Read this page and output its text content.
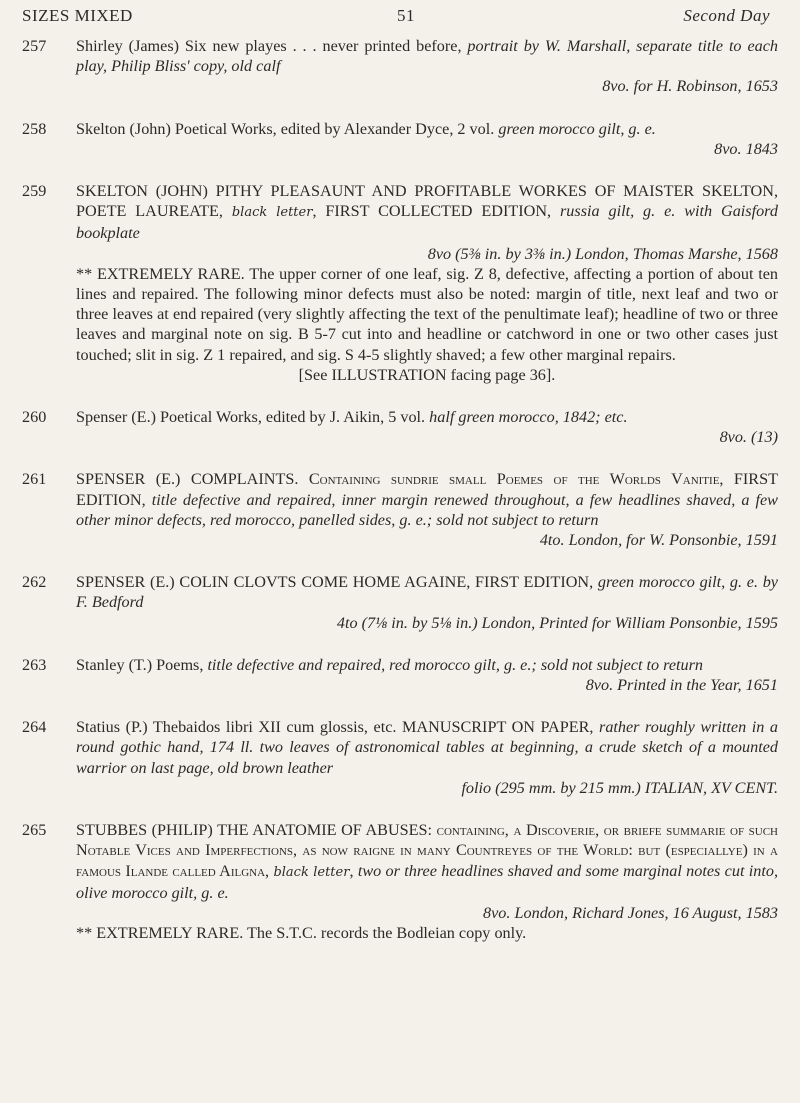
SIZES MIXED	51	Second Day
257	Shirley (James) Six new playes . . . never printed before, portrait by W. Marshall, separate title to each play, Philip Bliss' copy, old calf

8vo. for H. Robinson, 1653

258	Skelton (John) Poetical Works, edited by Alexander Dyce, 2 vol. green morocco gilt, g. e.

8vo. 1843

259	SKELTON (JOHN) PITHY PLEASAUNT AND PROFITABLE WORKES OF MAISTER SKELTON, POETE LAUREATE, black letter, FIRST COLLECTED EDITION, russia gilt, g. e. with Gaisford bookplate

8vo (5⅜ in. by 3⅜ in.) London, Thomas Marshe, 1568

** EXTREMELY RARE. The upper corner of one leaf, sig. Z 8, defective, affecting a portion of about ten lines and repaired. The following minor defects must also be noted: margin of title, next leaf and two or three leaves at end repaired (very slightly affecting the text of the penultimate leaf); headline of two or three leaves and marginal note on sig. B 5-7 cut into and headline or catchword in one or two other cases just touched; slit in sig. Z 1 repaired, and sig. S 4-5 slightly shaved; a few other marginal repairs.

[See ILLUSTRATION facing page 36].

260	Spenser (E.) Poetical Works, edited by J. Aikin, 5 vol. half green morocco, 1842; etc.

8vo. (13)

261	SPENSER (E.) COMPLAINTS. Containing sundrie small Poemes of the Worlds Vanitie, FIRST EDITION, title defective and repaired, inner margin renewed throughout, a few headlines shaved, a few other minor defects, red morocco, panelled sides, g. e.; sold not subject to return

4to. London, for W. Ponsonbie, 1591

262	SPENSER (E.) COLIN CLOVTS COME HOME AGAINE, FIRST EDITION, green morocco gilt, g. e. by F. Bedford

4to (7⅛ in. by 5⅛ in.) London, Printed for William Ponsonbie, 1595

263	Stanley (T.) Poems, title defective and repaired, red morocco gilt, g. e.; sold not subject to return

8vo. Printed in the Year, 1651

264	Statius (P.) Thebaidos libri XII cum glossis, etc. MANUSCRIPT ON PAPER, rather roughly written in a round gothic hand, 174 ll. two leaves of astronomical tables at beginning, a crude sketch of a mounted warrior on last page, old brown leather

folio (295 mm. by 215 mm.) ITALIAN, XV CENT.

265	STUBBES (PHILIP) THE ANATOMIE OF ABUSES: containing, a Discoverie, or briefe summarie of such Notable Vices and Imperfections, as now raigne in many Countreyes of the World: but (especiallye) in a famous Ilande called Ailgna, black letter, two or three headlines shaved and some marginal notes cut into, olive morocco gilt, g. e.

8vo. London, Richard Jones, 16 August, 1583

** EXTREMELY RARE. The S.T.C. records the Bodleian copy only.
